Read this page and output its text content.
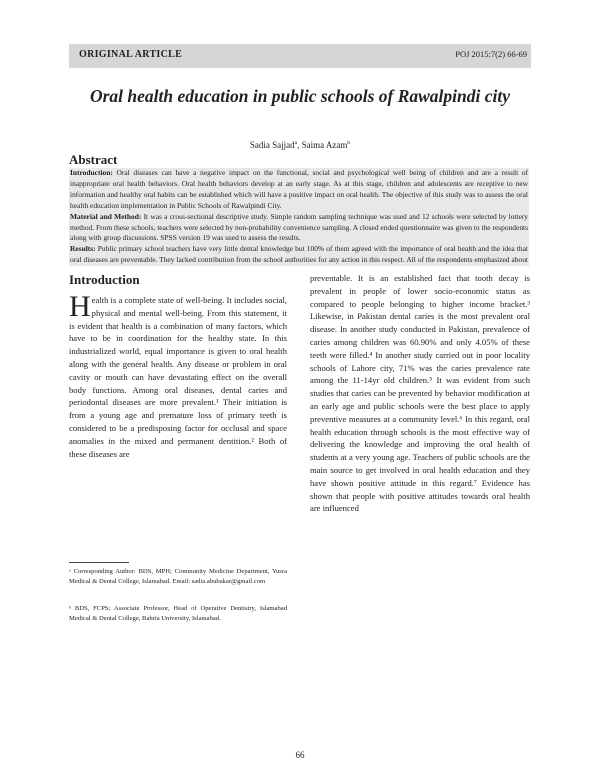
ORIGINAL ARTICLE	POJ 2015:7(2) 66-69
Oral health education in public schools of Rawalpindi city
Sadia Sajjad$^a$, Saima Azam$^b$
Abstract

Introduction: Oral diseases can have a negative impact on the functional, social and psychological well being of children and are a result of inappropriate oral health behaviors. Oral health behaviors develop at an early stage. As at this stage, children and adolescents are receptive to new information and healthy oral habits can be established which will have a positive impact on oral health. The objective of this study was to assess the oral health education implementation in Public Schools of Rawalpindi City.

Material and Method: It was a cross-sectional descriptive study. Simple random sampling technique was used and 12 schools were selected by lottery method. From these schools, teachers were selected by non-probability convenience sampling. A closed ended questionnaire was given to the respondents along with group discussions. SPSS version 19 was used to assess the results.

Results: Public primary school teachers have very little dental knowledge but 100% of them agreed with the importance of oral health and the idea that oral diseases are preventable. They lacked contribution from the school authorities for any action in this respect. All of the respondents emphasized about

Introduction

Health is a complete state of well-being. It includes social, physical and mental well-being. From this statement, it is evident that health is a combination of many factors, which have to be in coordination for the healthy state. In this industrialized world, equal importance is given to oral health along with the general health. Any disease or problem in oral cavity or mouth can have devastating effect on the overall body functions. Among oral diseases, dental caries and periodontal diseases are more prevalent.¹ Their initiation is from a young age and premature loss of primary teeth is considered to be a predisposing factor for occlusal and space anomalies in the mixed and permanent dentition.² Both of these diseases are

preventable. It is an established fact that tooth decay is prevalent in people of lower socio-economic status as compared to people belonging to higher income bracket.³ Likewise, in Pakistan dental caries is the most prevalent oral disease. In another study conducted in Pakistan, prevalence of caries among children was 60.90% and only 4.05% of these teeth were filled.⁴ In another study carried out in poor locality schools of Lahore city, 71% was the caries prevalence rate among the 11-14yr old children.⁵ It was evident from such studies that caries can be prevented by behavior modification at an early age and public schools were the best place to apply preventive measures at a community level.⁶ In this regard, oral health education through schools is the most effective way of delivering the knowledge and improving the oral health of students at a very young age. Teachers of public schools are the main source to get involved in oral health education and they have shown positive attitude in this regard.⁷ Evidence has shown that people with positive attitudes towards oral health are influenced

ᵃ Corresponding Author: BDS, MPH; Community Medicine Department, Yusra Medical & Dental College, Islamabad. Email: sadia.abubakar@gmail.com

ᵇ BDS, FCPS; Associate Professor, Head of Operative Dentistry, Islamabad Medical & Dental College, Bahria University, Islamabad.

66
